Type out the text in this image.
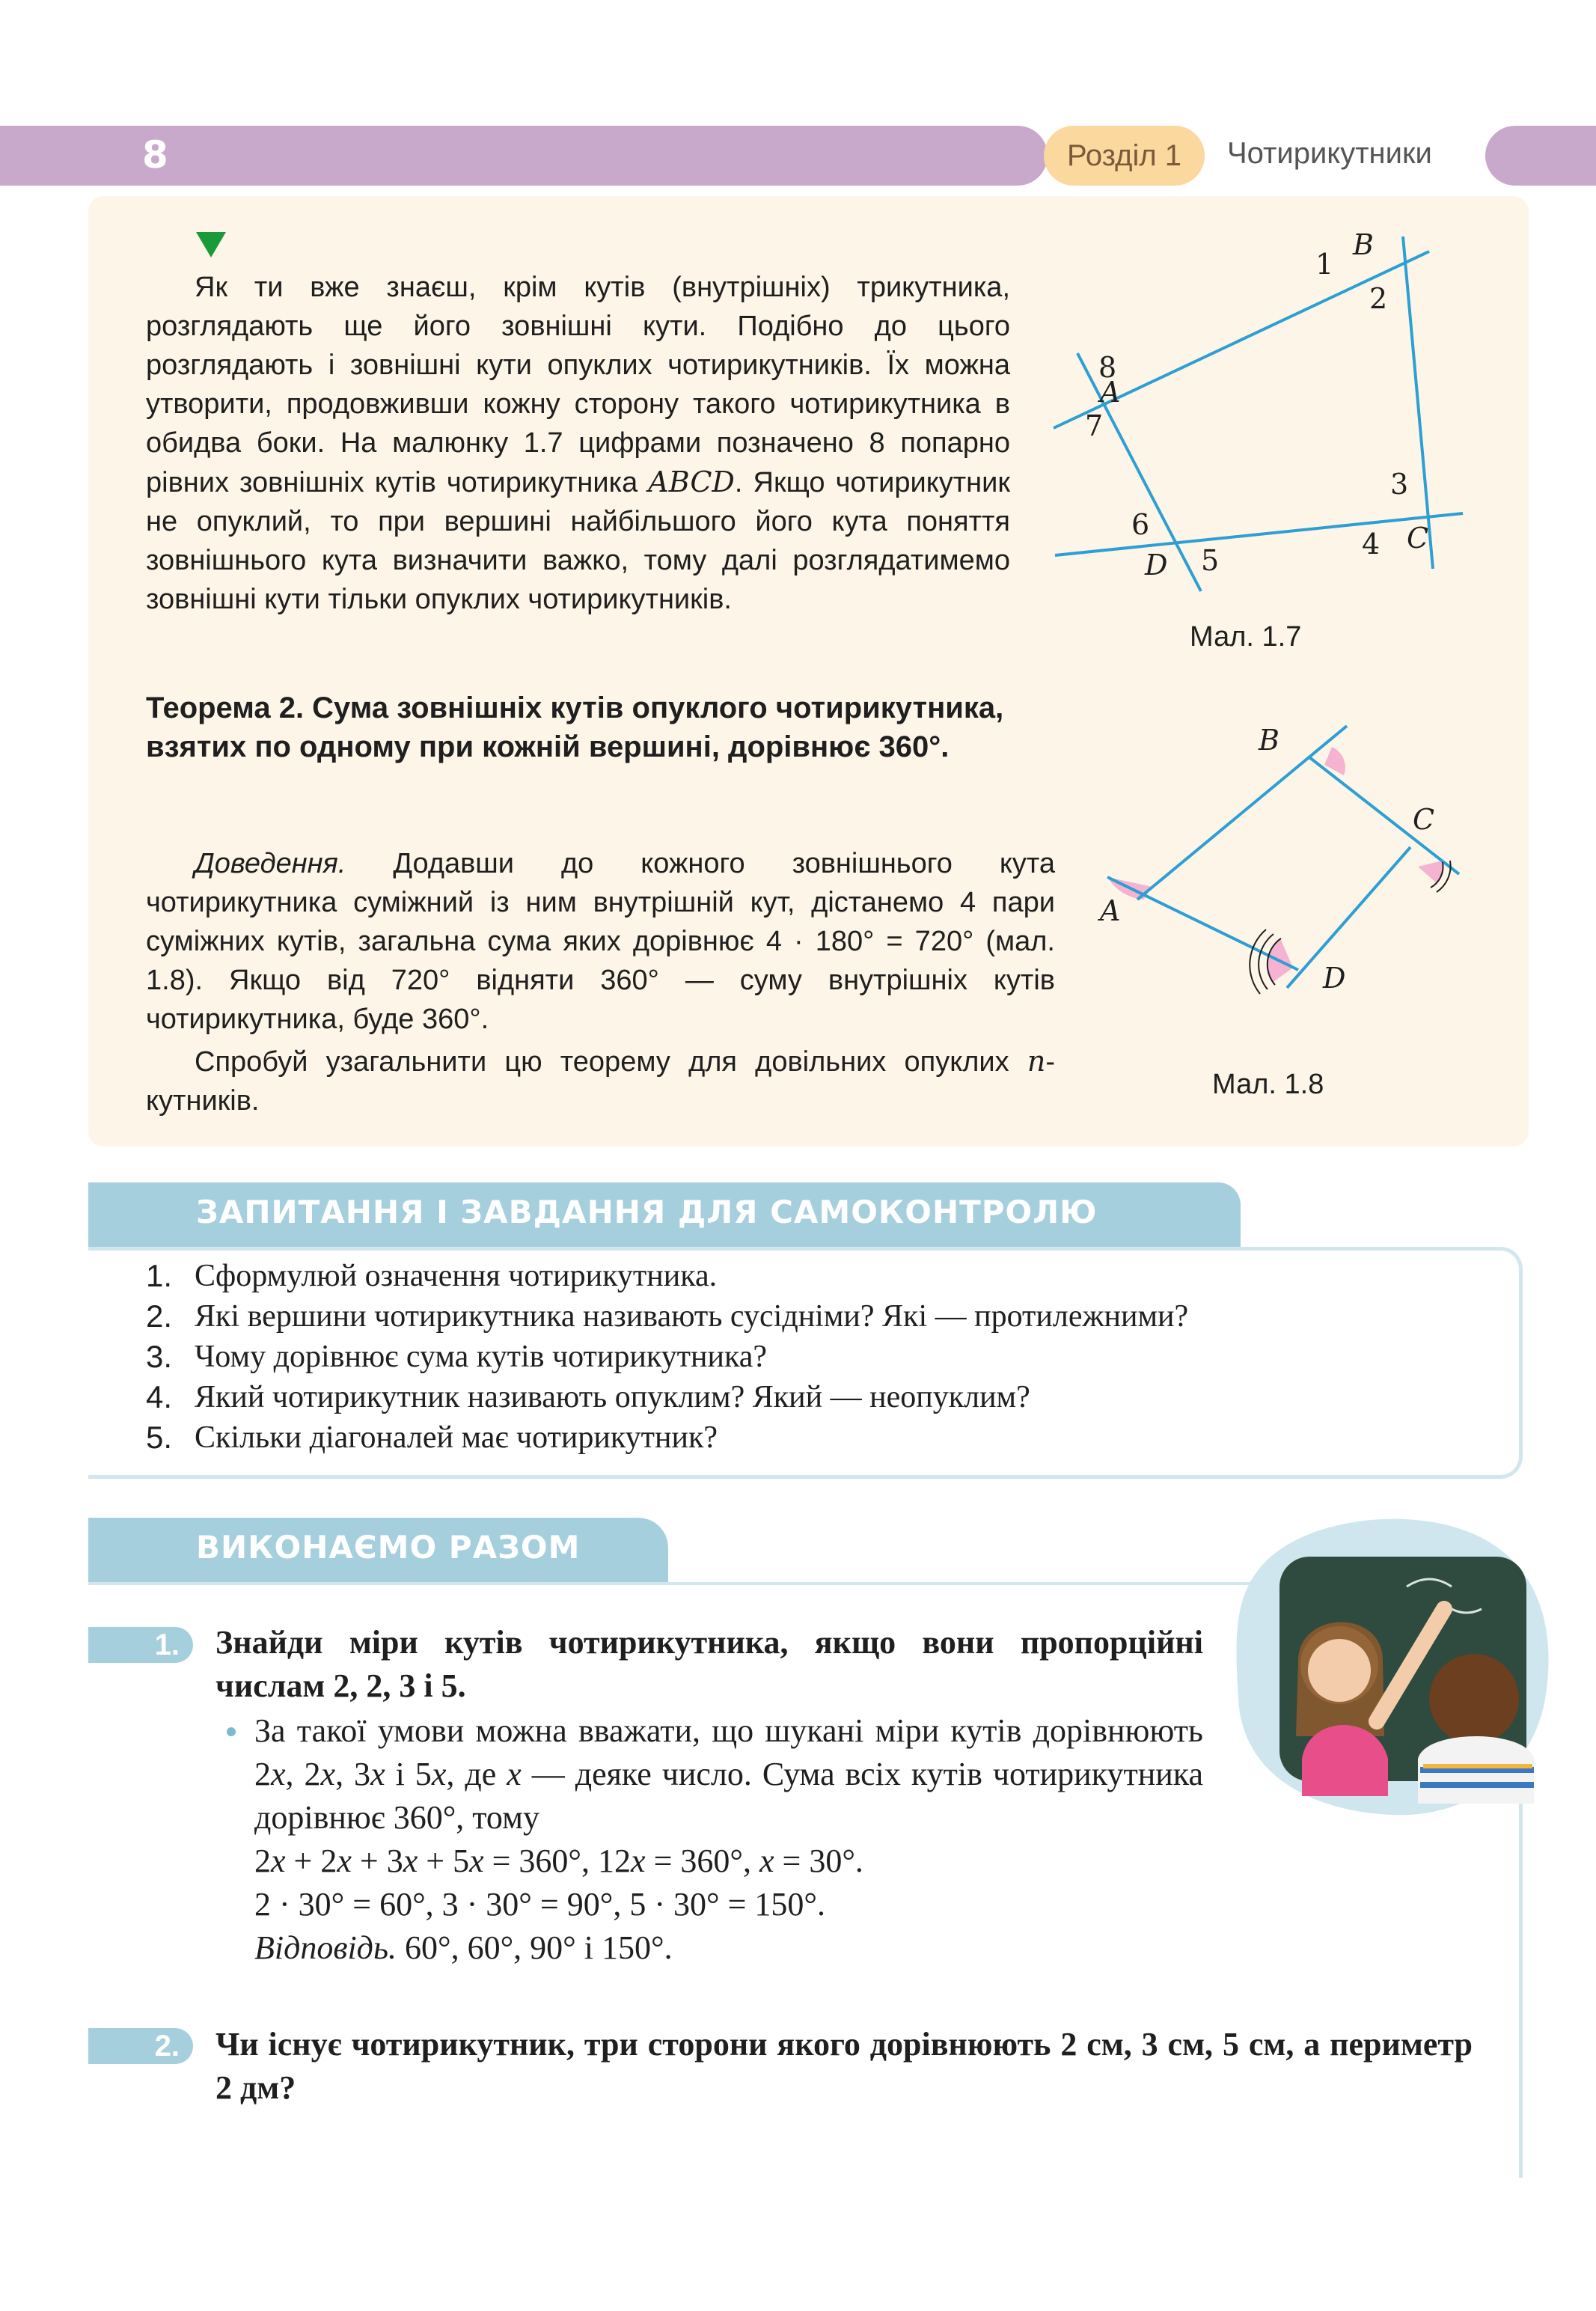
8	Розділ 1	Чотирикутники
Як ти вже знаєш, крім кутів (внутрішніх) трикутника, розглядають ще його зовнішні кути. Подібно до цього розглядають і зовнішні кути опуклих чотирикутників. Їх можна утворити, продовживши кожну сторону такого чотирикутника в обидва боки. На малюнку 1.7 цифрами позначено 8 попарно рівних зовнішніх кутів чотирикутника ABCD. Якщо чотирикутник не опуклий, то при вершині найбільшого його кута поняття зовнішнього кута визначити важко, тому далі розглядатимемо зовнішні кути тільки опуклих чотирикутників.
Теорема 2. Сума зовнішніх кутів опуклого чотирикутника, взятих по одному при кожній вершині, дорівнює 360°.
Доведення. Додавши до кожного зовнішнього кута чотирикутника суміжний із ним внутрішній кут, дістанемо 4 пари суміжних кутів, загальна сума яких дорівнює 4 · 180° = 720° (мал. 1.8). Якщо від 720° відняти 360° — суму внутрішніх кутів чотирикутника, буде 360°.
Спробуй узагальнити цю теорему для довільних опуклих n-кутників.
A
B
C
D
1
2
3
4
5
6
7
8
Мал. 1.7
A
B
C
D
Мал. 1.8
ЗАПИТАННЯ І ЗАВДАННЯ ДЛЯ САМОКОНТРОЛЮ
1. Сформулюй означення чотирикутника.
2. Які вершини чотирикутника називають сусідніми? Які — протилежними?
3. Чому дорівнює сума кутів чотирикутника?
4. Який чотирикутник називають опуклим? Який — неопуклим?
5. Скільки діагоналей має чотирикутник?
ВИКОНАЄМО РАЗОМ
1.	Знайди міри кутів чотирикутника, якщо вони пропорційні числам 2, 2, 3 і 5.
За такої умови можна вважати, що шукані міри кутів дорівнюють 2x, 2x, 3x і 5x, де x — деяке число. Сума всіх кутів чотирикутника дорівнює 360°, тому
2x + 2x + 3x + 5x = 360°, 12x = 360°, x = 30°.
2 · 30° = 60°, 3 · 30° = 90°, 5 · 30° = 150°.
Відповідь. 60°, 60°, 90° і 150°.
2.	Чи існує чотирикутник, три сторони якого дорівнюють 2 см, 3 см, 5 см, а периметр 2 дм?
